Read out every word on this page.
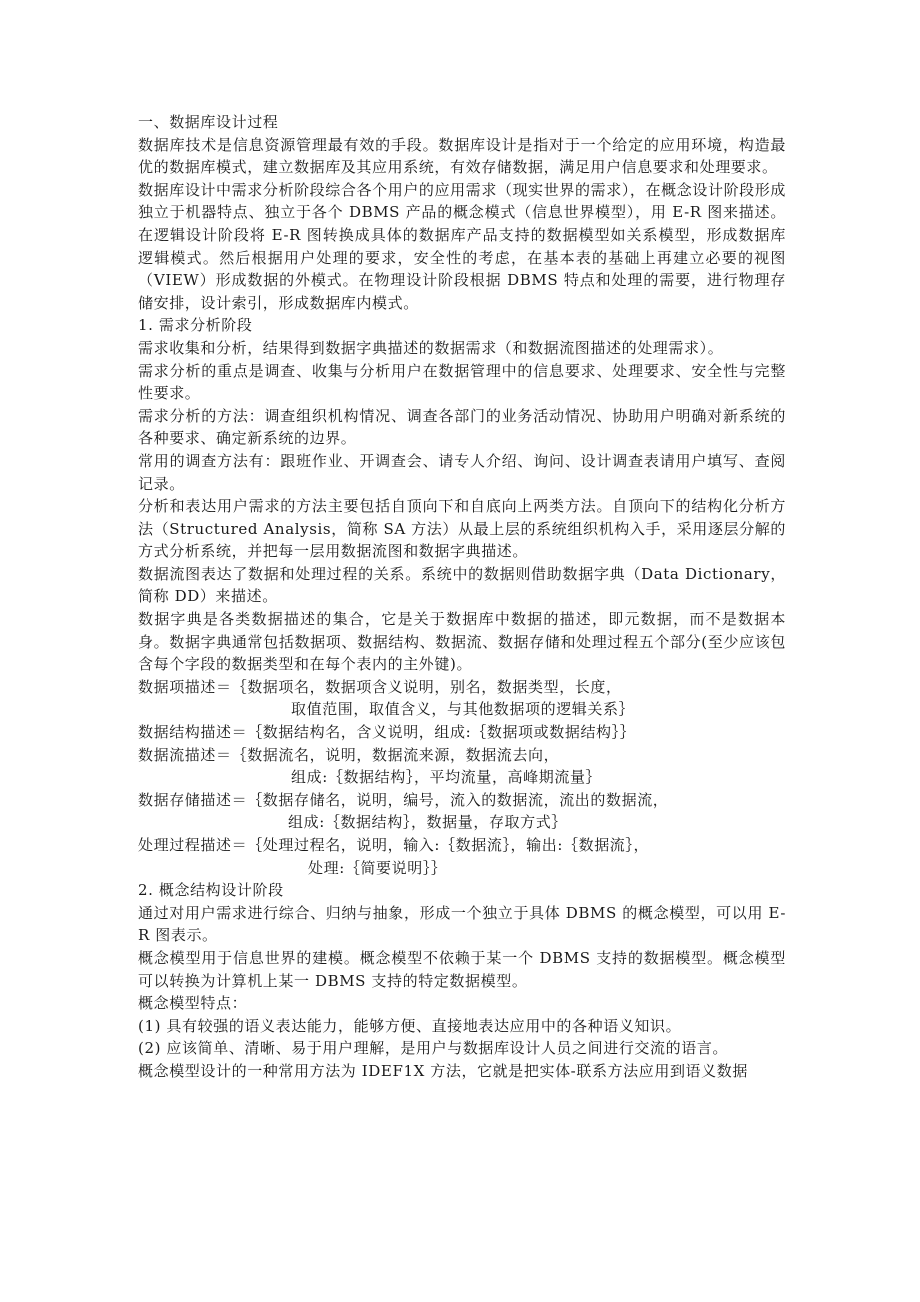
一、数据库设计过程

数据库技术是信息资源管理最有效的手段。数据库设计是指对于一个给定的应用环境，构造最优的数据库模式，建立数据库及其应用系统，有效存储数据，满足用户信息要求和处理要求。

数据库设计中需求分析阶段综合各个用户的应用需求（现实世界的需求），在概念设计阶段形成独立于机器特点、独立于各个 DBMS 产品的概念模式（信息世界模型），用 E-R 图来描述。在逻辑设计阶段将 E-R 图转换成具体的数据库产品支持的数据模型如关系模型，形成数据库逻辑模式。然后根据用户处理的要求，安全性的考虑，在基本表的基础上再建立必要的视图（VIEW）形成数据的外模式。在物理设计阶段根据 DBMS 特点和处理的需要，进行物理存储安排，设计索引，形成数据库内模式。

1. 需求分析阶段

需求收集和分析，结果得到数据字典描述的数据需求（和数据流图描述的处理需求）。

需求分析的重点是调查、收集与分析用户在数据管理中的信息要求、处理要求、安全性与完整性要求。

需求分析的方法：调查组织机构情况、调查各部门的业务活动情况、协助用户明确对新系统的各种要求、确定新系统的边界。

常用的调查方法有：跟班作业、开调查会、请专人介绍、询问、设计调查表请用户填写、查阅记录。

分析和表达用户需求的方法主要包括自顶向下和自底向上两类方法。自顶向下的结构化分析方法（Structured Analysis，简称 SA 方法）从最上层的系统组织机构入手，采用逐层分解的方式分析系统，并把每一层用数据流图和数据字典描述。

数据流图表达了数据和处理过程的关系。系统中的数据则借助数据字典（Data Dictionary，简称 DD）来描述。

数据字典是各类数据描述的集合，它是关于数据库中数据的描述，即元数据，而不是数据本身。数据字典通常包括数据项、数据结构、数据流、数据存储和处理过程五个部分(至少应该包含每个字段的数据类型和在每个表内的主外键)。

数据项描述＝｛数据项名，数据项含义说明，别名，数据类型，长度，

取值范围，取值含义，与其他数据项的逻辑关系｝

数据结构描述＝｛数据结构名，含义说明，组成:｛数据项或数据结构｝｝

数据流描述＝｛数据流名，说明，数据流来源，数据流去向，

组成:｛数据结构｝，平均流量，高峰期流量｝

数据存储描述＝｛数据存储名，说明，编号，流入的数据流，流出的数据流，

组成:｛数据结构｝，数据量，存取方式｝

处理过程描述＝｛处理过程名，说明，输入:｛数据流｝，输出:｛数据流｝，

处理:｛简要说明｝｝

2. 概念结构设计阶段

通过对用户需求进行综合、归纳与抽象，形成一个独立于具体 DBMS 的概念模型，可以用 E-R 图表示。

概念模型用于信息世界的建模。概念模型不依赖于某一个 DBMS 支持的数据模型。概念模型可以转换为计算机上某一 DBMS 支持的特定数据模型。

概念模型特点：

(1) 具有较强的语义表达能力，能够方便、直接地表达应用中的各种语义知识。

(2) 应该简单、清晰、易于用户理解，是用户与数据库设计人员之间进行交流的语言。

概念模型设计的一种常用方法为 IDEF1X 方法，它就是把实体-联系方法应用到语义数据
